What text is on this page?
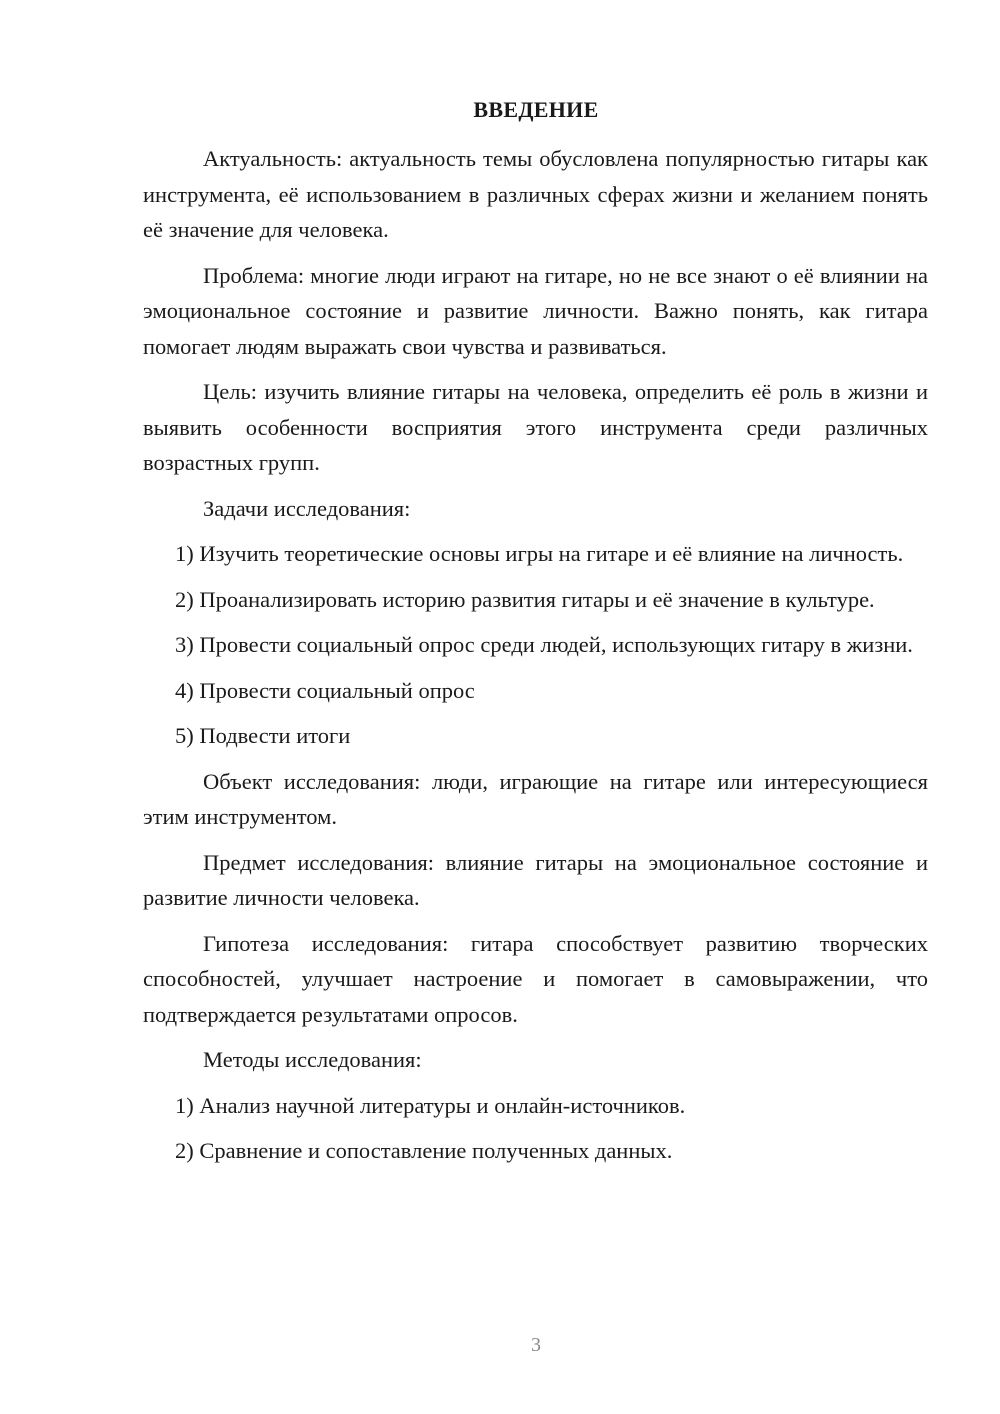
ВВЕДЕНИЕ

Актуальность: актуальность темы обусловлена популярностью гитары как инструмента, её использованием в различных сферах жизни и желанием понять её значение для человека.

Проблема: многие люди играют на гитаре, но не все знают о её влиянии на эмоциональное состояние и развитие личности. Важно понять, как гитара помогает людям выражать свои чувства и развиваться.

Цель: изучить влияние гитары на человека, определить её роль в жизни и выявить особенности восприятия этого инструмента среди различных возрастных групп.

Задачи исследования:

1) Изучить теоретические основы игры на гитаре и её влияние на личность.

2) Проанализировать историю развития гитары и её значение в культуре.

3) Провести социальный опрос среди людей, использующих гитару в жизни.

4) Провести социальный опрос

5) Подвести итоги

Объект исследования: люди, играющие на гитаре или интересующиеся этим инструментом.

Предмет исследования: влияние гитары на эмоциональное состояние и развитие личности человека.

Гипотеза исследования: гитара способствует развитию творческих способностей, улучшает настроение и помогает в самовыражении, что подтверждается результатами опросов.

Методы исследования:

1) Анализ научной литературы и онлайн-источников.

2) Сравнение и сопоставление полученных данных.

3
